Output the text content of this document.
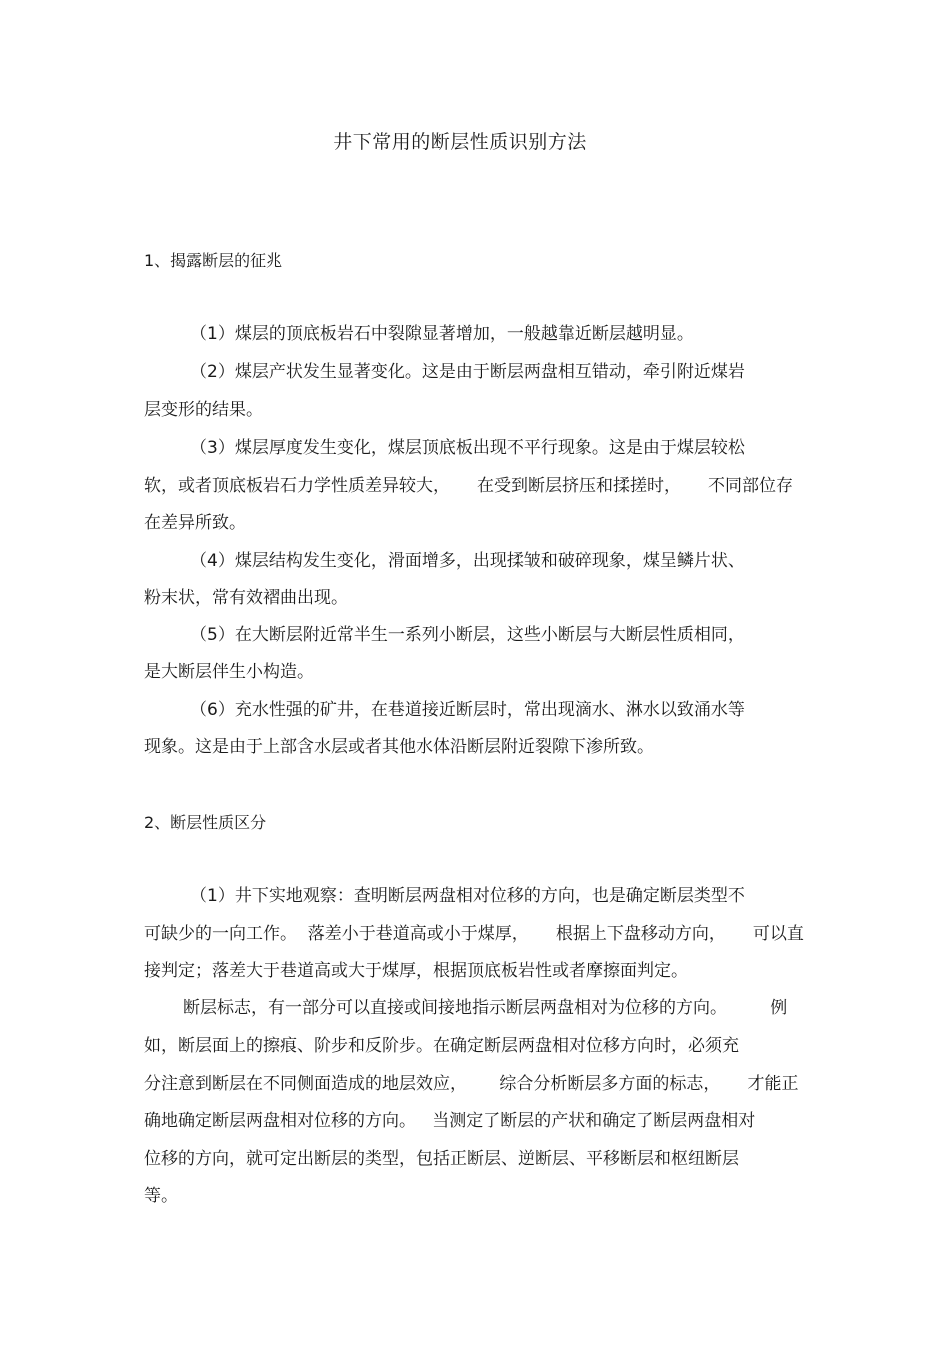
井下常用的断层性质识别方法
1、揭露断层的征兆
（1）煤层的顶底板岩石中裂隙显著增加，一般越靠近断层越明显。
（2）煤层产状发生显著变化。这是由于断层两盘相互错动，牵引附近煤岩
层变形的结果。
（3）煤层厚度发生变化，煤层顶底板出现不平行现象。这是由于煤层较松
软，或者顶底板岩石力学性质差异较大，     在受到断层挤压和揉搓时，     不同部位存
在差异所致。
（4）煤层结构发生变化，滑面增多，出现揉皱和破碎现象，煤呈鳞片状、
粉末状，常有效褶曲出现。
（5）在大断层附近常半生一系列小断层，这些小断层与大断层性质相同，
是大断层伴生小构造。
（6）充水性强的矿井，在巷道接近断层时，常出现滴水、淋水以致涌水等
现象。这是由于上部含水层或者其他水体沿断层附近裂隙下渗所致。
2、断层性质区分
（1）井下实地观察：查明断层两盘相对位移的方向，也是确定断层类型不
可缺少的一向工作。  落差小于巷道高或小于煤厚，     根据上下盘移动方向，     可以直
接判定；落差大于巷道高或大于煤厚，根据顶底板岩性或者摩擦面判定。
断层标志，有一部分可以直接或间接地指示断层两盘相对为位移的方向。        例
如，断层面上的擦痕、阶步和反阶步。在确定断层两盘相对位移方向时，必须充
分注意到断层在不同侧面造成的地层效应，      综合分析断层多方面的标志，     才能正
确地确定断层两盘相对位移的方向。   当测定了断层的产状和确定了断层两盘相对
位移的方向，就可定出断层的类型，包括正断层、逆断层、平移断层和枢纽断层
等。
